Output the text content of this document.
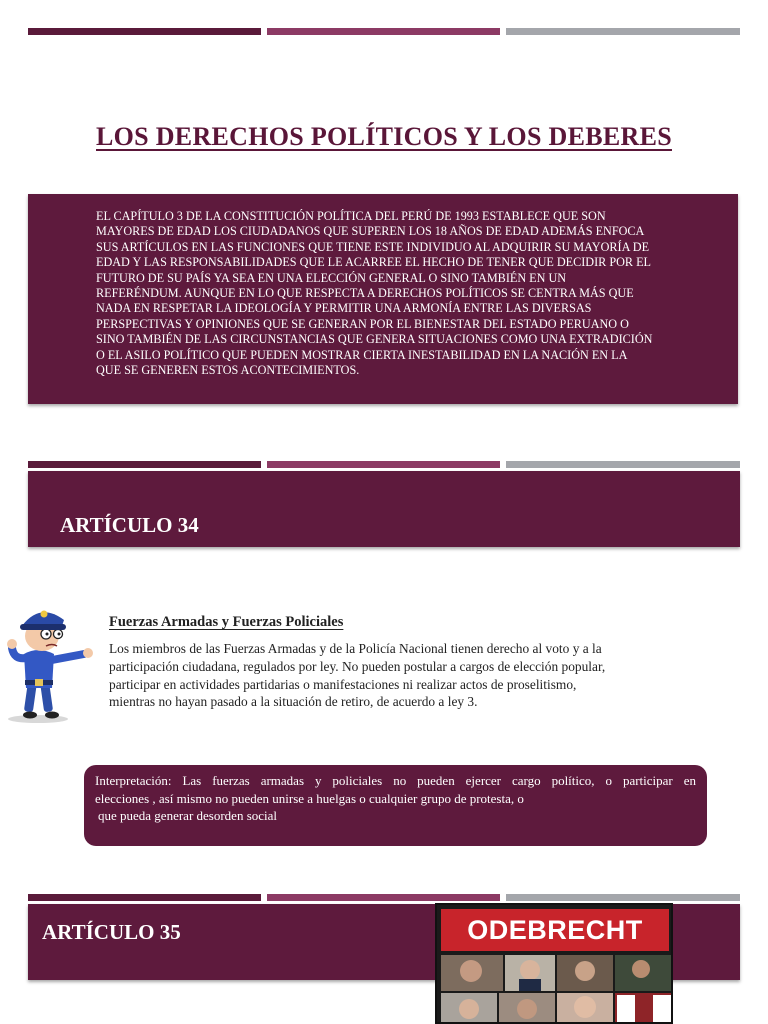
LOS DERECHOS POLÍTICOS Y LOS DEBERES
EL CAPÍTULO 3 DE LA CONSTITUCIÓN POLÍTICA DEL PERÚ DE 1993 ESTABLECE QUE SON
MAYORES DE EDAD LOS CIUDADANOS QUE SUPEREN LOS 18 AÑOS DE EDAD ADEMÁS ENFOCA
SUS ARTÍCULOS EN LAS FUNCIONES QUE TIENE ESTE INDIVIDUO AL ADQUIRIR SU MAYORÍA DE
EDAD Y LAS RESPONSABILIDADES QUE LE ACARREE EL HECHO DE TENER QUE DECIDIR POR EL
FUTURO DE SU PAÍS YA SEA EN UNA ELECCIÓN GENERAL O SINO TAMBIÉN EN UN
REFERÉNDUM. AUNQUE EN LO QUE RESPECTA A DERECHOS POLÍTICOS SE CENTRA MÁS QUE
NADA EN RESPETAR LA IDEOLOGÍA Y PERMITIR UNA ARMONÍA ENTRE LAS DIVERSAS
PERSPECTIVAS Y OPINIONES QUE SE GENERAN POR EL BIENESTAR DEL ESTADO PERUANO O
SINO TAMBIÉN DE LAS CIRCUNSTANCIAS QUE GENERA SITUACIONES COMO UNA EXTRADICIÓN
O EL ASILO POLÍTICO QUE PUEDEN MOSTRAR CIERTA INESTABILIDAD EN LA NACIÓN EN LA
QUE SE GENEREN ESTOS ACONTECIMIENTOS.
ARTÍCULO 34
Fuerzas Armadas y Fuerzas Policiales
Los miembros de las Fuerzas Armadas y de la Policía Nacional tienen derecho al voto y a la
participación ciudadana, regulados por ley. No pueden postular a cargos de elección popular,
participar en actividades partidarias o manifestaciones ni realizar actos de proselitismo,
mientras no hayan pasado a la situación de retiro, de acuerdo a ley 3.
Interpretación: Las fuerzas armadas y policiales no pueden ejercer cargo político, o participar en
elecciones , así mismo no pueden unirse a huelgas o cualquier grupo de protesta, o
que pueda generar desorden social
ARTÍCULO 35	ODEBRECHT
